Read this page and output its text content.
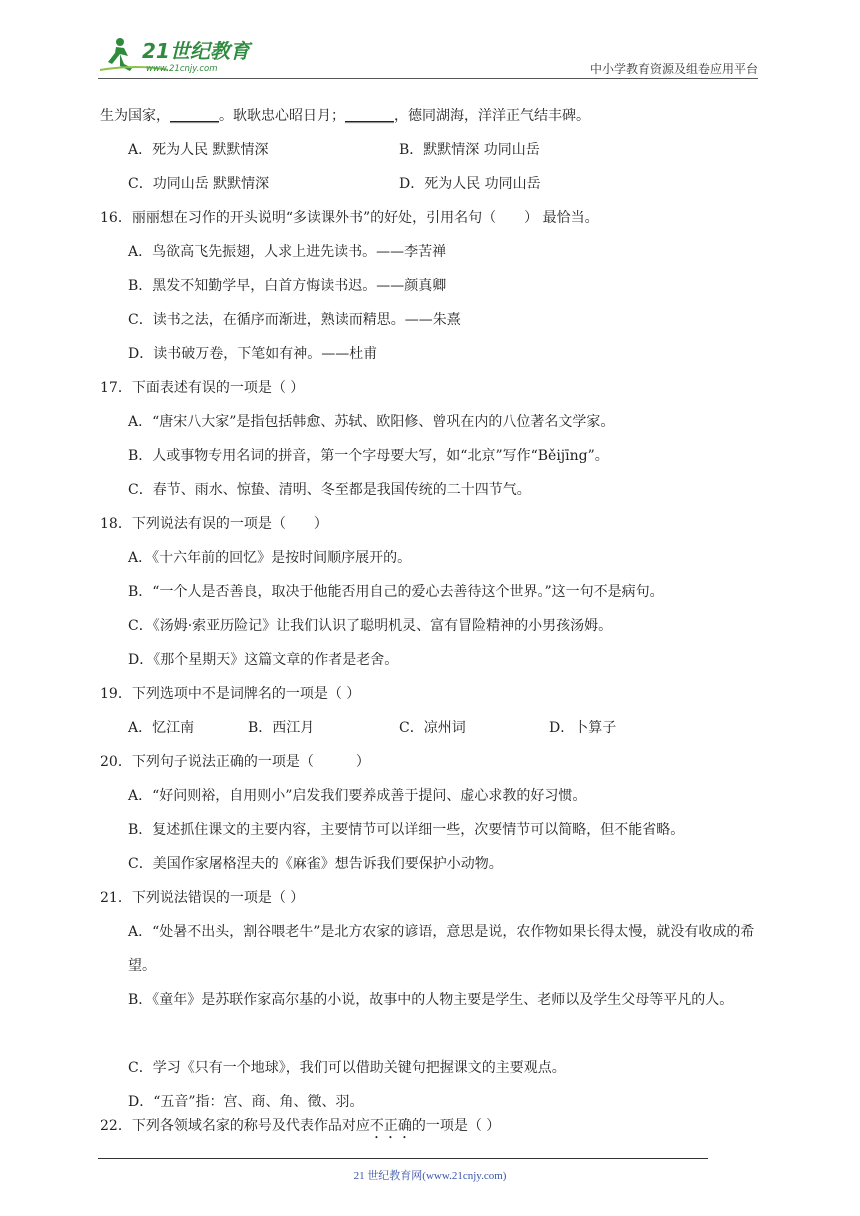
21世纪教育
www.21cnjy.com	中小学教育资源及组卷应用平台
生为国家，_______。耿耿忠心昭日月；_______，德同湖海，洋洋正气结丰碑。
A．死为人民 默默情深	B．默默情深 功同山岳
C．功同山岳 默默情深	D．死为人民 功同山岳
16．丽丽想在习作的开头说明“多读课外书”的好处，引用名句（　　） 最恰当。
A．鸟欲高飞先振翅，人求上进先读书。——李苦禅
B．黑发不知勤学早，白首方悔读书迟。——颜真卿
C．读书之法，在循序而渐进，熟读而精思。——朱熹
D．读书破万卷，下笔如有神。——杜甫
17．下面表述有误的一项是（ ）
A．“唐宋八大家”是指包括韩愈、苏轼、欧阳修、曾巩在内的八位著名文学家。
B．人或事物专用名词的拼音，第一个字母要大写，如“北京”写作“Běijīng”。
C．春节、雨水、惊蛰、清明、冬至都是我国传统的二十四节气。
18．下列说法有误的一项是（　　）
A．《十六年前的回忆》是按时间顺序展开的。
B．“一个人是否善良，取决于他能否用自己的爱心去善待这个世界。”这一句不是病句。
C．《汤姆·索亚历险记》让我们认识了聪明机灵、富有冒险精神的小男孩汤姆。
D．《那个星期天》这篇文章的作者是老舍。
19．下列选项中不是词牌名的一项是（ ）
A．忆江南	B．西江月	C．凉州词	D．卜算子
20．下列句子说法正确的一项是（　　　）
A．“好问则裕，自用则小”启发我们要养成善于提问、虚心求教的好习惯。
B．复述抓住课文的主要内容，主要情节可以详细一些，次要情节可以简略，但不能省略。
C．美国作家屠格涅夫的《麻雀》想告诉我们要保护小动物。
21．下列说法错误的一项是（ ）
A．“处暑不出头，割谷喂老牛”是北方农家的谚语，意思是说，农作物如果长得太慢，就没有收成的希望。
B．《童年》是苏联作家高尔基的小说，故事中的人物主要是学生、老师以及学生父母等平凡的人。
C．学习《只有一个地球》，我们可以借助关键句把握课文的主要观点。
D．“五音”指：宫、商、角、徵、羽。
22．下列各领域名家的称号及代表作品对应不正确的一项是（ ）
21 世纪教育网(www.21cnjy.com)
